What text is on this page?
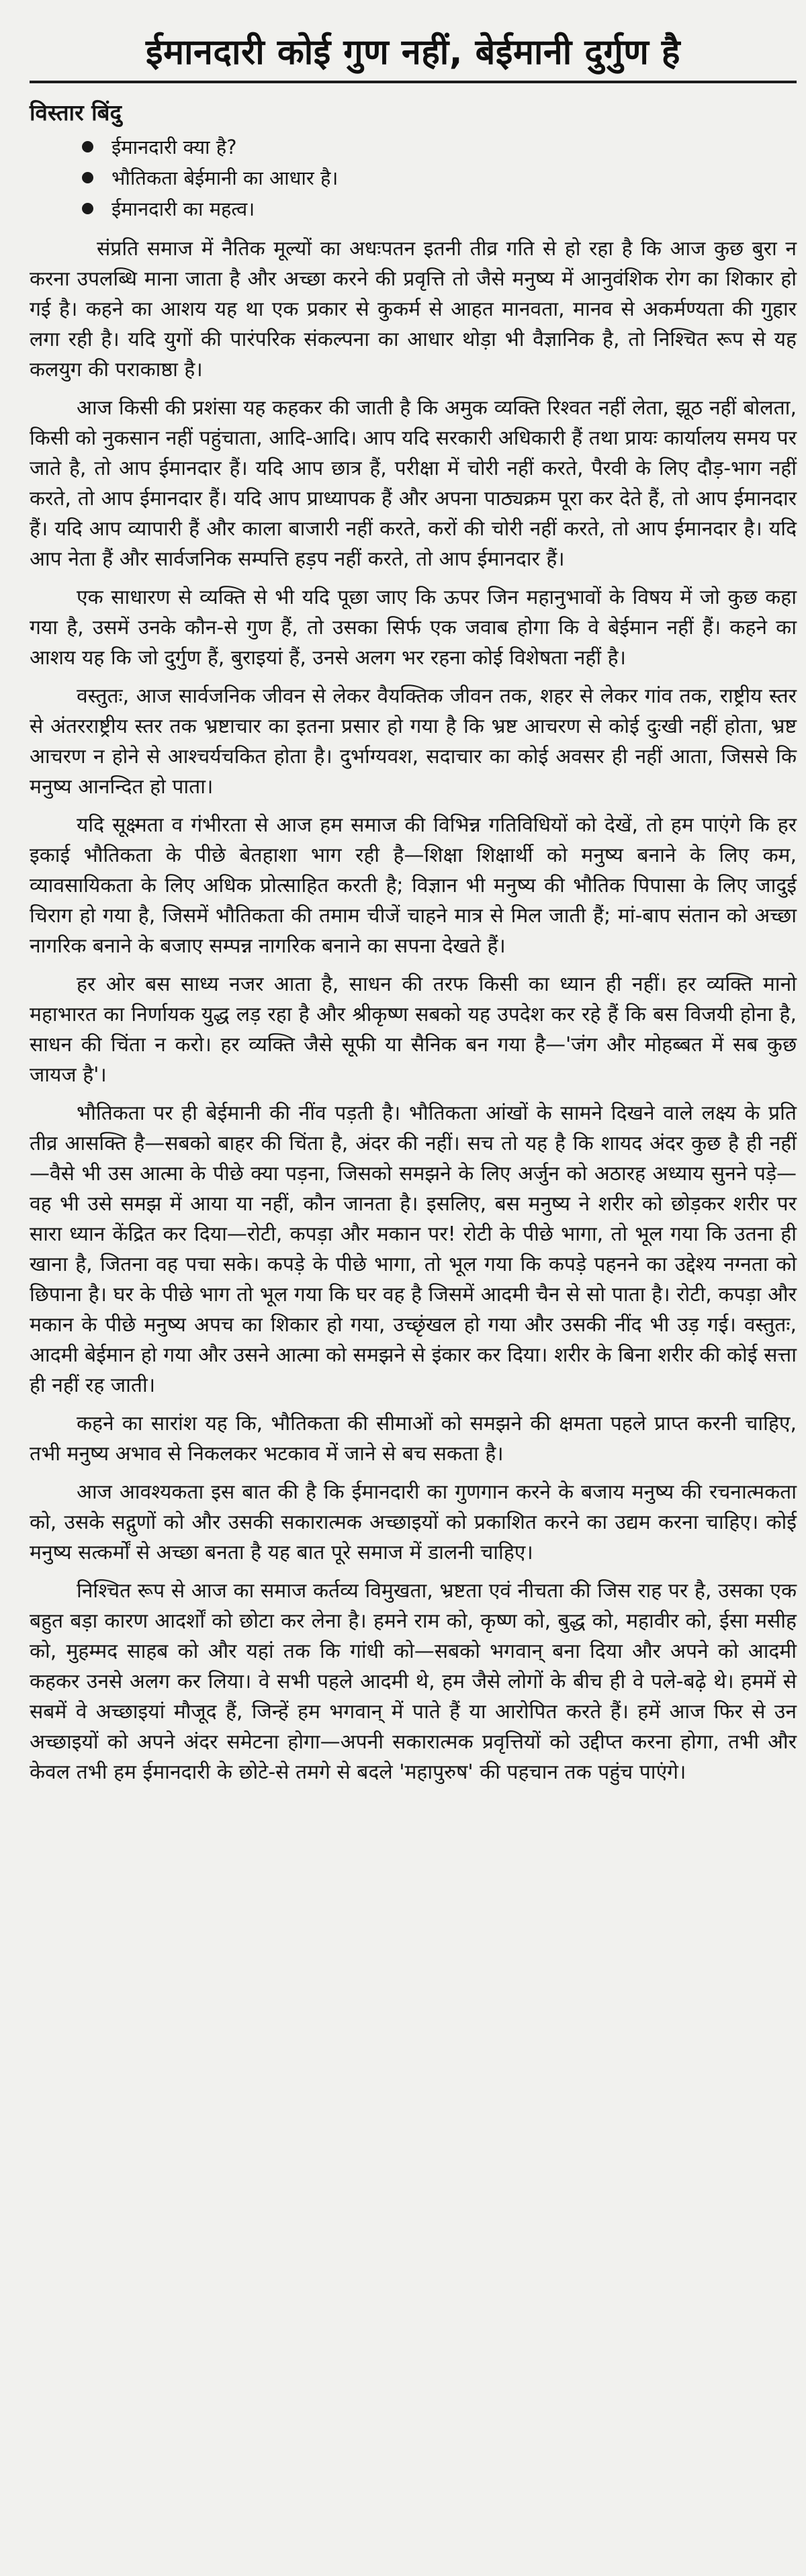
ईमानदारी कोई गुण नहीं, बेईमानी दुर्गुण है
विस्तार बिंदु
ईमानदारी क्या है?
भौतिकता बेईमानी का आधार है।
ईमानदारी का महत्व।

संप्रति समाज में नैतिक मूल्यों का अधःपतन इतनी तीव्र गति से हो रहा है कि आज कुछ बुरा न करना उपलब्धि माना जाता है और अच्छा करने की प्रवृत्ति तो जैसे मनुष्य में आनुवंशिक रोग का शिकार हो गई है। कहने का आशय यह था एक प्रकार से कुकर्म से आहत मानवता, मानव से अकर्मण्यता की गुहार लगा रही है। यदि युगों की पारंपरिक संकल्पना का आधार थोड़ा भी वैज्ञानिक है, तो निश्चित रूप से यह कलयुग की पराकाष्ठा है।

आज किसी की प्रशंसा यह कहकर की जाती है कि अमुक व्यक्ति रिश्वत नहीं लेता, झूठ नहीं बोलता, किसी को नुकसान नहीं पहुंचाता, आदि-आदि। आप यदि सरकारी अधिकारी हैं तथा प्रायः कार्यालय समय पर जाते है, तो आप ईमानदार हैं। यदि आप छात्र हैं, परीक्षा में चोरी नहीं करते, पैरवी के लिए दौड़-भाग नहीं करते, तो आप ईमानदार हैं। यदि आप प्राध्यापक हैं और अपना पाठ्यक्रम पूरा कर देते हैं, तो आप ईमानदार हैं। यदि आप व्यापारी हैं और काला बाजारी नहीं करते, करों की चोरी नहीं करते, तो आप ईमानदार है। यदि आप नेता हैं और सार्वजनिक सम्पत्ति हड़प नहीं करते, तो आप ईमानदार हैं।

एक साधारण से व्यक्ति से भी यदि पूछा जाए कि ऊपर जिन महानुभावों के विषय में जो कुछ कहा गया है, उसमें उनके कौन-से गुण हैं, तो उसका सिर्फ एक जवाब होगा कि वे बेईमान नहीं हैं। कहने का आशय यह कि जो दुर्गुण हैं, बुराइयां हैं, उनसे अलग भर रहना कोई विशेषता नहीं है।

वस्तुतः, आज सार्वजनिक जीवन से लेकर वैयक्तिक जीवन तक, शहर से लेकर गांव तक, राष्ट्रीय स्तर से अंतरराष्ट्रीय स्तर तक भ्रष्टाचार का इतना प्रसार हो गया है कि भ्रष्ट आचरण से कोई दुःखी नहीं होता, भ्रष्ट आचरण न होने से आश्चर्यचकित होता है। दुर्भाग्यवश, सदाचार का कोई अवसर ही नहीं आता, जिससे कि मनुष्य आनन्दित हो पाता।

यदि सूक्ष्मता व गंभीरता से आज हम समाज की विभिन्न गतिविधियों को देखें, तो हम पाएंगे कि हर इकाई भौतिकता के पीछे बेतहाशा भाग रही है—शिक्षा शिक्षार्थी को मनुष्य बनाने के लिए कम, व्यावसायिकता के लिए अधिक प्रोत्साहित करती है; विज्ञान भी मनुष्य की भौतिक पिपासा के लिए जादुई चिराग हो गया है, जिसमें भौतिकता की तमाम चीजें चाहने मात्र से मिल जाती हैं; मां-बाप संतान को अच्छा नागरिक बनाने के बजाए सम्पन्न नागरिक बनाने का सपना देखते हैं।

हर ओर बस साध्य नजर आता है, साधन की तरफ किसी का ध्यान ही नहीं। हर व्यक्ति मानो महाभारत का निर्णायक युद्ध लड़ रहा है और श्रीकृष्ण सबको यह उपदेश कर रहे हैं कि बस विजयी होना है, साधन की चिंता न करो। हर व्यक्ति जैसे सूफी या सैनिक बन गया है—'जंग और मोहब्बत में सब कुछ जायज है'।

भौतिकता पर ही बेईमानी की नींव पड़ती है। भौतिकता आंखों के सामने दिखने वाले लक्ष्य के प्रति तीव्र आसक्ति है—सबको बाहर की चिंता है, अंदर की नहीं। सच तो यह है कि शायद अंदर कुछ है ही नहीं—वैसे भी उस आत्मा के पीछे क्या पड़ना, जिसको समझने के लिए अर्जुन को अठारह अध्याय सुनने पड़े—वह भी उसे समझ में आया या नहीं, कौन जानता है। इसलिए, बस मनुष्य ने शरीर को छोड़कर शरीर पर सारा ध्यान केंद्रित कर दिया—रोटी, कपड़ा और मकान पर! रोटी के पीछे भागा, तो भूल गया कि उतना ही खाना है, जितना वह पचा सके। कपड़े के पीछे भागा, तो भूल गया कि कपड़े पहनने का उद्देश्य नग्नता को छिपाना है। घर के पीछे भाग तो भूल गया कि घर वह है जिसमें आदमी चैन से सो पाता है। रोटी, कपड़ा और मकान के पीछे मनुष्य अपच का शिकार हो गया, उच्छृंखल हो गया और उसकी नींद भी उड़ गई। वस्तुतः, आदमी बेईमान हो गया और उसने आत्मा को समझने से इंकार कर दिया। शरीर के बिना शरीर की कोई सत्ता ही नहीं रह जाती।

कहने का सारांश यह कि, भौतिकता की सीमाओं को समझने की क्षमता पहले प्राप्त करनी चाहिए, तभी मनुष्य अभाव से निकलकर भटकाव में जाने से बच सकता है।

आज आवश्यकता इस बात की है कि ईमानदारी का गुणगान करने के बजाय मनुष्य की रचनात्मकता को, उसके सद्गुणों को और उसकी सकारात्मक अच्छाइयों को प्रकाशित करने का उद्यम करना चाहिए। कोई मनुष्य सत्कर्मों से अच्छा बनता है यह बात पूरे समाज में डालनी चाहिए।

निश्चित रूप से आज का समाज कर्तव्य विमुखता, भ्रष्टता एवं नीचता की जिस राह पर है, उसका एक बहुत बड़ा कारण आदर्शों को छोटा कर लेना है। हमने राम को, कृष्ण को, बुद्ध को, महावीर को, ईसा मसीह को, मुहम्मद साहब को और यहां तक कि गांधी को—सबको भगवान् बना दिया और अपने को आदमी कहकर उनसे अलग कर लिया। वे सभी पहले आदमी थे, हम जैसे लोगों के बीच ही वे पले-बढ़े थे। हममें से सबमें वे अच्छाइयां मौजूद हैं, जिन्हें हम भगवान् में पाते हैं या आरोपित करते हैं। हमें आज फिर से उन अच्छाइयों को अपने अंदर समेटना होगा—अपनी सकारात्मक प्रवृत्तियों को उद्दीप्त करना होगा, तभी और केवल तभी हम ईमानदारी के छोटे-से तमगे से बदले 'महापुरुष' की पहचान तक पहुंच पाएंगे।
